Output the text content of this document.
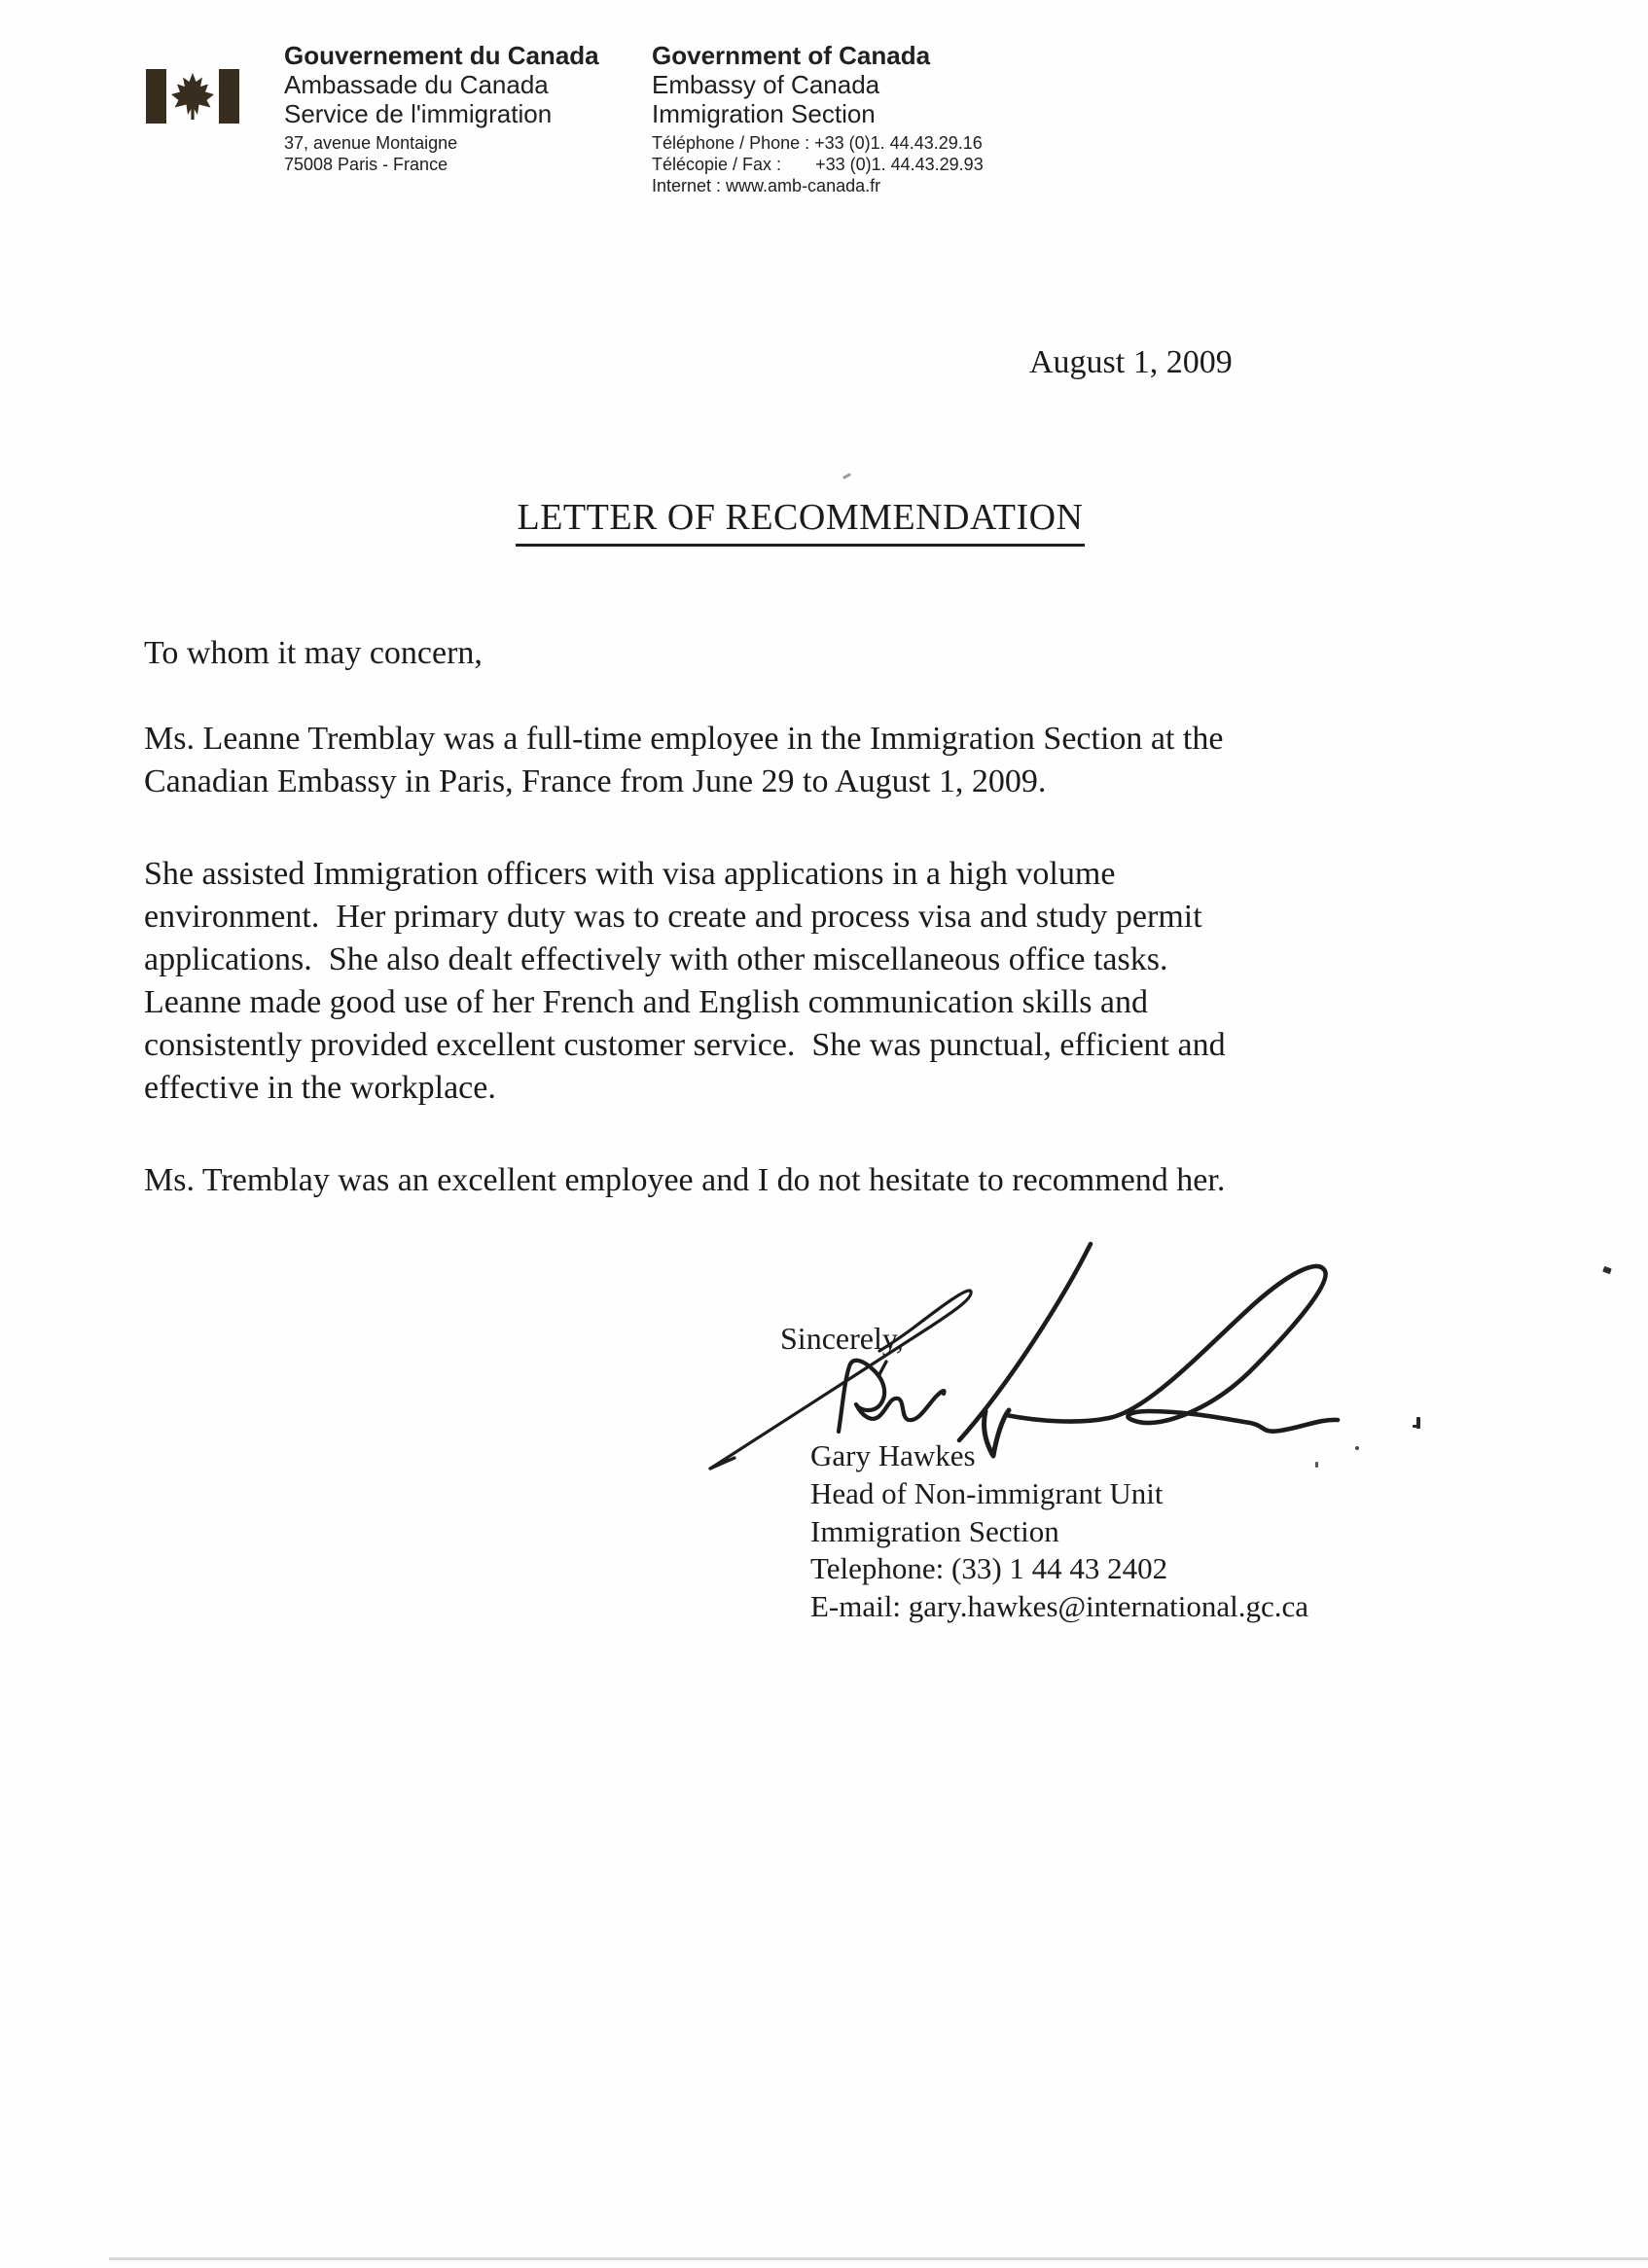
Gouvernement du Canada
Ambassade du Canada
Service de l'immigration
37, avenue Montaigne
75008 Paris - France
Government of Canada
Embassy of Canada
Immigration Section
Téléphone / Phone : +33 (0)1. 44.43.29.16
Télécopie / Fax :       +33 (0)1. 44.43.29.93
Internet : www.amb-canada.fr
August 1, 2009
LETTER OF RECOMMENDATION
To whom it may concern,
Ms. Leanne Tremblay was a full-time employee in the Immigration Section at the
Canadian Embassy in Paris, France from June 29 to August 1, 2009.
She assisted Immigration officers with visa applications in a high volume
environment.  Her primary duty was to create and process visa and study permit
applications.  She also dealt effectively with other miscellaneous office tasks.
Leanne made good use of her French and English communication skills and
consistently provided excellent customer service.  She was punctual, efficient and
effective in the workplace.
Ms. Tremblay was an excellent employee and I do not hesitate to recommend her.
Sincerely,
Gary Hawkes
Head of Non-immigrant Unit
Immigration Section
Telephone: (33) 1 44 43 2402
E-mail: gary.hawkes@international.gc.ca
